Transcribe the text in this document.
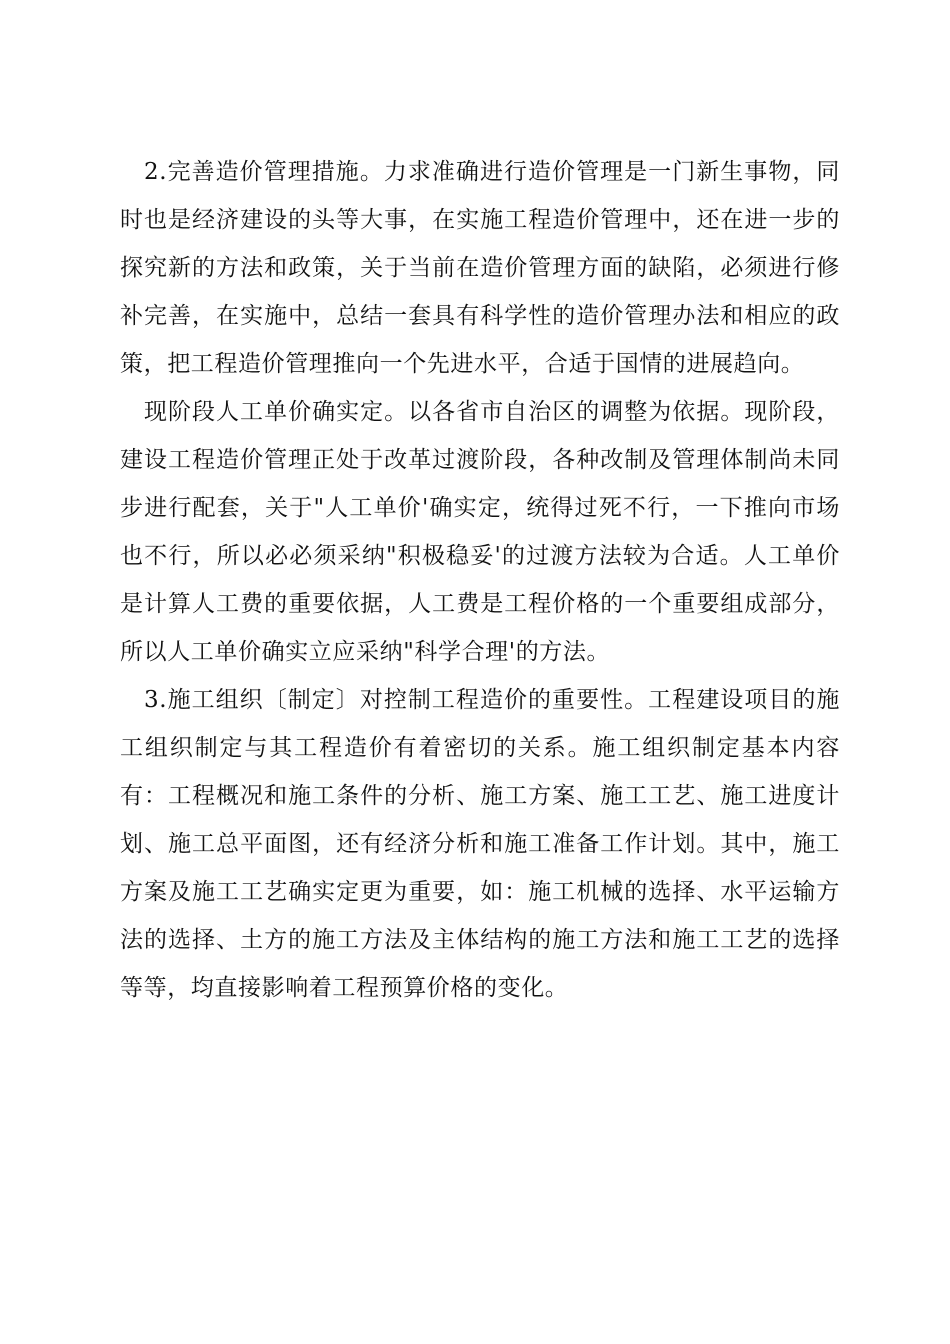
2.完善造价管理措施。力求准确进行造价管理是一门新生事物，同时也是经济建设的头等大事，在实施工程造价管理中，还在进一步的探究新的方法和政策，关于当前在造价管理方面的缺陷，必须进行修补完善，在实施中，总结一套具有科学性的造价管理办法和相应的政策，把工程造价管理推向一个先进水平，合适于国情的进展趋向。

现阶段人工单价确实定。以各省市自治区的调整为依据。现阶段，建设工程造价管理正处于改革过渡阶段，各种改制及管理体制尚未同步进行配套，关于"人工单价'确实定，统得过死不行，一下推向市场也不行，所以必必须采纳"积极稳妥'的过渡方法较为合适。人工单价是计算人工费的重要依据，人工费是工程价格的一个重要组成部分，所以人工单价确实立应采纳"科学合理'的方法。

3.施工组织〔制定〕对控制工程造价的重要性。工程建设项目的施工组织制定与其工程造价有着密切的关系。施工组织制定基本内容有：工程概况和施工条件的分析、施工方案、施工工艺、施工进度计划、施工总平面图，还有经济分析和施工准备工作计划。其中，施工方案及施工工艺确实定更为重要，如：施工机械的选择、水平运输方法的选择、土方的施工方法及主体结构的施工方法和施工工艺的选择等等，均直接影响着工程预算价格的变化。
